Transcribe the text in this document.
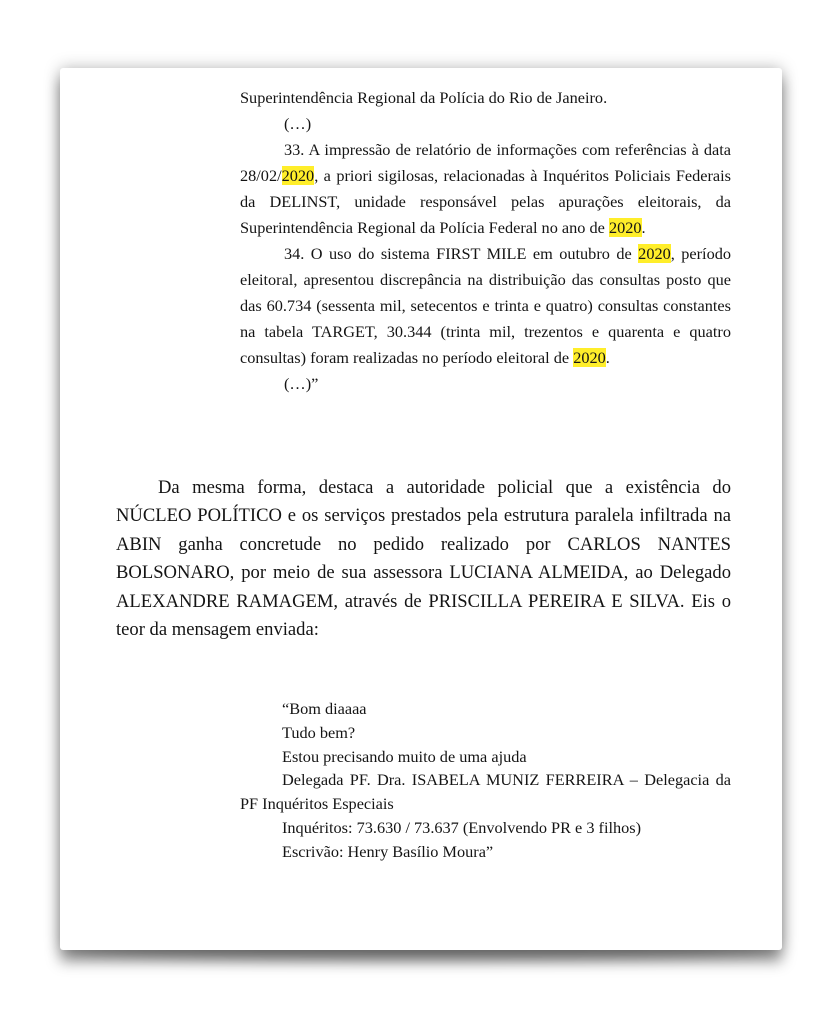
Superintendência Regional da Polícia do Rio de Janeiro.

(…)

33. A impressão de relatório de informações com referências à data 28/02/2020, a priori sigilosas, relacionadas à Inquéritos Policiais Federais da DELINST, unidade responsável pelas apurações eleitorais, da Superintendência Regional da Polícia Federal no ano de 2020.

34. O uso do sistema FIRST MILE em outubro de 2020, período eleitoral, apresentou discrepância na distribuição das consultas posto que das 60.734 (sessenta mil, setecentos e trinta e quatro) consultas constantes na tabela TARGET, 30.344 (trinta mil, trezentos e quarenta e quatro consultas) foram realizadas no período eleitoral de 2020.

(…)”

Da mesma forma, destaca a autoridade policial que a existência do NÚCLEO POLÍTICO e os serviços prestados pela estrutura paralela infiltrada na ABIN ganha concretude no pedido realizado por CARLOS NANTES BOLSONARO, por meio de sua assessora LUCIANA ALMEIDA, ao Delegado ALEXANDRE RAMAGEM, através de PRISCILLA PEREIRA E SILVA. Eis o teor da mensagem enviada:

“Bom diaaaa

Tudo bem?

Estou precisando muito de uma ajuda

Delegada PF. Dra. ISABELA MUNIZ FERREIRA – Delegacia da PF Inquéritos Especiais

Inquéritos: 73.630 / 73.637 (Envolvendo PR e 3 filhos)

Escrivão: Henry Basílio Moura”
